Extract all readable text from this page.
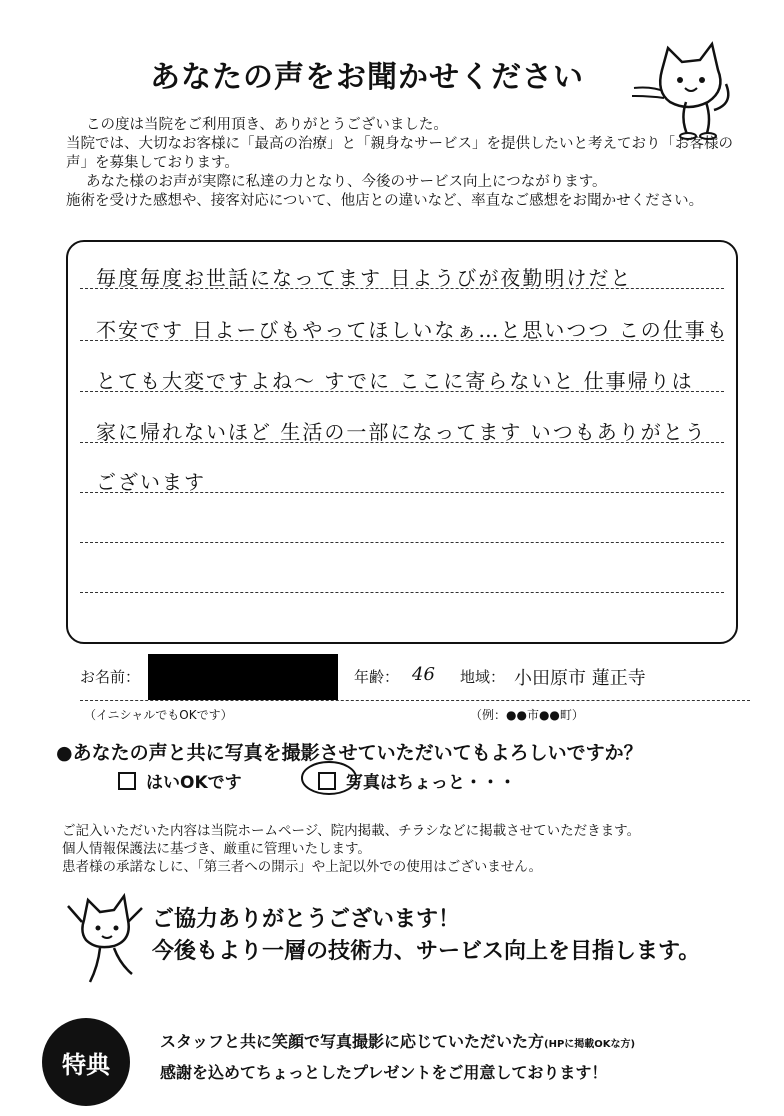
あなたの声をお聞かせください

この度は当院をご利用頂き、ありがとうございました。

当院では、大切なお客様に「最高の治療」と「親身なサービス」を提供したいと考えており「お客様の声」を募集しております。

あなた様のお声が実際に私達の力となり、今後のサービス向上につながります。

施術を受けた感想や、接客対応について、他店との違いなど、率直なご感想をお聞かせください。

毎度毎度お世話になってます 日ようびが夜勤明けだと
不安です 日よーびもやってほしいなぁ…と思いつつ この仕事も
とても大変ですよね〜 すでに ここに寄らないと 仕事帰りは
家に帰れないほど 生活の一部になってます いつもありがとう
ございます
お名前：	年齢： 46 地域： 小田原市 蓮正寺
（イニシャルでもOKです）	（例：●●市●●町）
●あなたの声と共に写真を撮影させていただいてもよろしいですか？
はいOKです	写真はちょっと・・・

ご記入いただいた内容は当院ホームページ、院内掲載、チラシなどに掲載させていただきます。

個人情報保護法に基づき、厳重に管理いたします。

患者様の承諾なしに、「第三者への開示」や上記以外での使用はございません。

ご協力ありがとうございます！
今後もより一層の技術力、サービス向上を目指します。
特典
スタッフと共に笑顔で写真撮影に応じていただいた方(HPに掲載OKな方)
感謝を込めてちょっとしたプレゼントをご用意しております！
